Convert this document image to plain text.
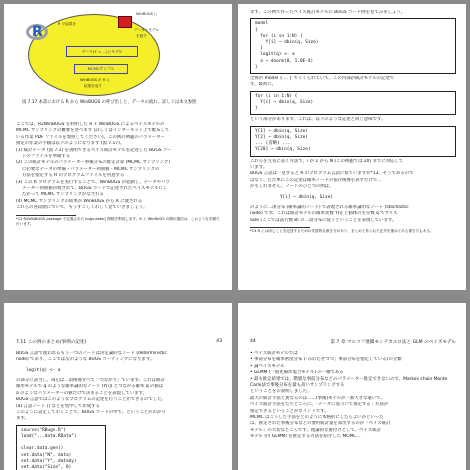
R
データ(Y = ...)とモデル
MCMCサンプル
R で結果を
WinBUGS に
データとモデル
を渡す
WinBUGS が R に
結果を返す
図 7.17 本書における R から WinBUGS の呼び出しと、データの流れ。詳しくは本文参照
ここでは、R2WinBUGS を利用した R + WinBUGS によるベイズモデルの
MCMC サンプリングの概要を述べます (詳しくはインターネット上で配布して
いる作業 PDF ファイルを参照してください)。この例の例題のパラメーター
推定の作業の手順は以下のようになります (図 7.17)。
(1) 統計データ (図 7.1) を説明できるベイズ統計モデルを記述した BUGS コー
ドのファイルを準備する
(2) この統計モデルのパラメーター事後分布の推定計算 (MCMC サンプリング)
に必要なデータの準備・パラメーター初期値・MCMC サンプリングの
方法を指定する R のプログラムファイルを用意する
(3) この R プログラムを実行することで、WinBUGS が起動し、データやパラ
メーター初期値が渡されて、BUGS コードで記述されたベイズモデルにし
たがって MCMC サンプリングがなされる
(4) MCMC サンプリングの結果が WinBUGS から R に渡される
これらの各段階について、もうすこしくわしく見ていきましょう。
*12 R2WinBUGS package で定義された bugs.data() 関数を利用します。R と WinBUGS の間の通信は、このような手順で行います。
まず、この例で作ったベイズ統計モデルの BUGS コード例を見てみましょう。
model
{
for (i in 1:N) {
Y[i] ~ dbin(q, Size)
}
logit(q) <- a
a ~ dnorm(0, 1.0E-4)
}
全体が model { ... } でくくられていて、この内部が統計モデルの記述で
す。最初に、
for (i in 1:N) {
Y[i] ~ dbin(q, Size)
}
という部分があります。これは、以下のような記述と同じ意味です。
Y[1] ~ dbin(q, Size)
Y[2] ~ dbin(q, Size)
... (省略) ...
Y[20] ~ dbin(q, Size)
これらを冗長に書く方法で、i が 1 から N (この例題では 20) までに対応して
います。
BUGS 言語は一見すると R のプログラム言語に似ていますが*13、そうであるので
はなく、ただ単にこの記述は確率ノードの依存関係を表すだけで…
かもしれません。ノードのひとつの例は、
Y[i] ~ dbin(q, Size)
のように二項分布 (確率論的ノード) で表現される確率論的なノード (stochastic
node) です。これは統計モデルの確率変数 Y[i] と個体の生存数 q でサイズ
Size (ここでは試行数 8) の二項分布に従うということを表現しています。
*13 R には同じことを記述するための代替的な書き方があり、まとめて作られた記号を重ねてある書き方もある。
7.11 この例のまとめ(事例の記述)	43
BUGS 言語で使われるもう一つのノードは決定論的なノード (deterministic
node) であり、ここでは次のような BUGS コーディングになります。
logit(q) <- a
の部分に該当し、両辺は二項関係すべて「つながり」ています。これは統計
線形モデルで q のような確率論的なノード (Y[i]) とつながる確率 q の値は
a のようなパラメーターの値だけで決まることを表現しています。
BUGS 言語ではこのようなプログラムの記述を行うことができるのでした。
(a) 言語ノード () などを集中して作成する
このように設定しておくことで、BUGS コードの中で、ということがわかり
ます。
source("RBugs.R")
load("...data.RData")

clear.data.gen()
set.data("N", data)
set.data("Y", data$y)
set.data("Size", 8)
44	第 7 章 マルコフ連鎖モンテカルロ法と GLM のベイズモデル
• ベイズ統計モデルでは
• 事前分布を確率密度分布 (「みわたせつつ」事前分布を指定している)の分類
• 論ベイズモデル
• GLMM (一般化線形混合モデル) の一種である
• 最も推定結果では、階層な事前分布などのパラメーター推定できないので、Markov chain Monte Carlo法で事後分布を最も高いサンプリングする
ということをお説明しました。
最大の統計手法と異なるのは……(事後)モデルが一番大きな違いで、
ベイズ統計手法をたちどころに、「データに基づいて推定する」方法が
推定できるということがポイントです。
MCMC はこうした手法をどのように本格的にしたらよいかといった
は、推定された事後分布などの要約統計量を算出するのが「ベイズ統計
モデル」の大切なところです。理論的な裏付けとして、ベイズ統計
モデル (内 GLMM) を推定する方法を紹介した MCMC…
